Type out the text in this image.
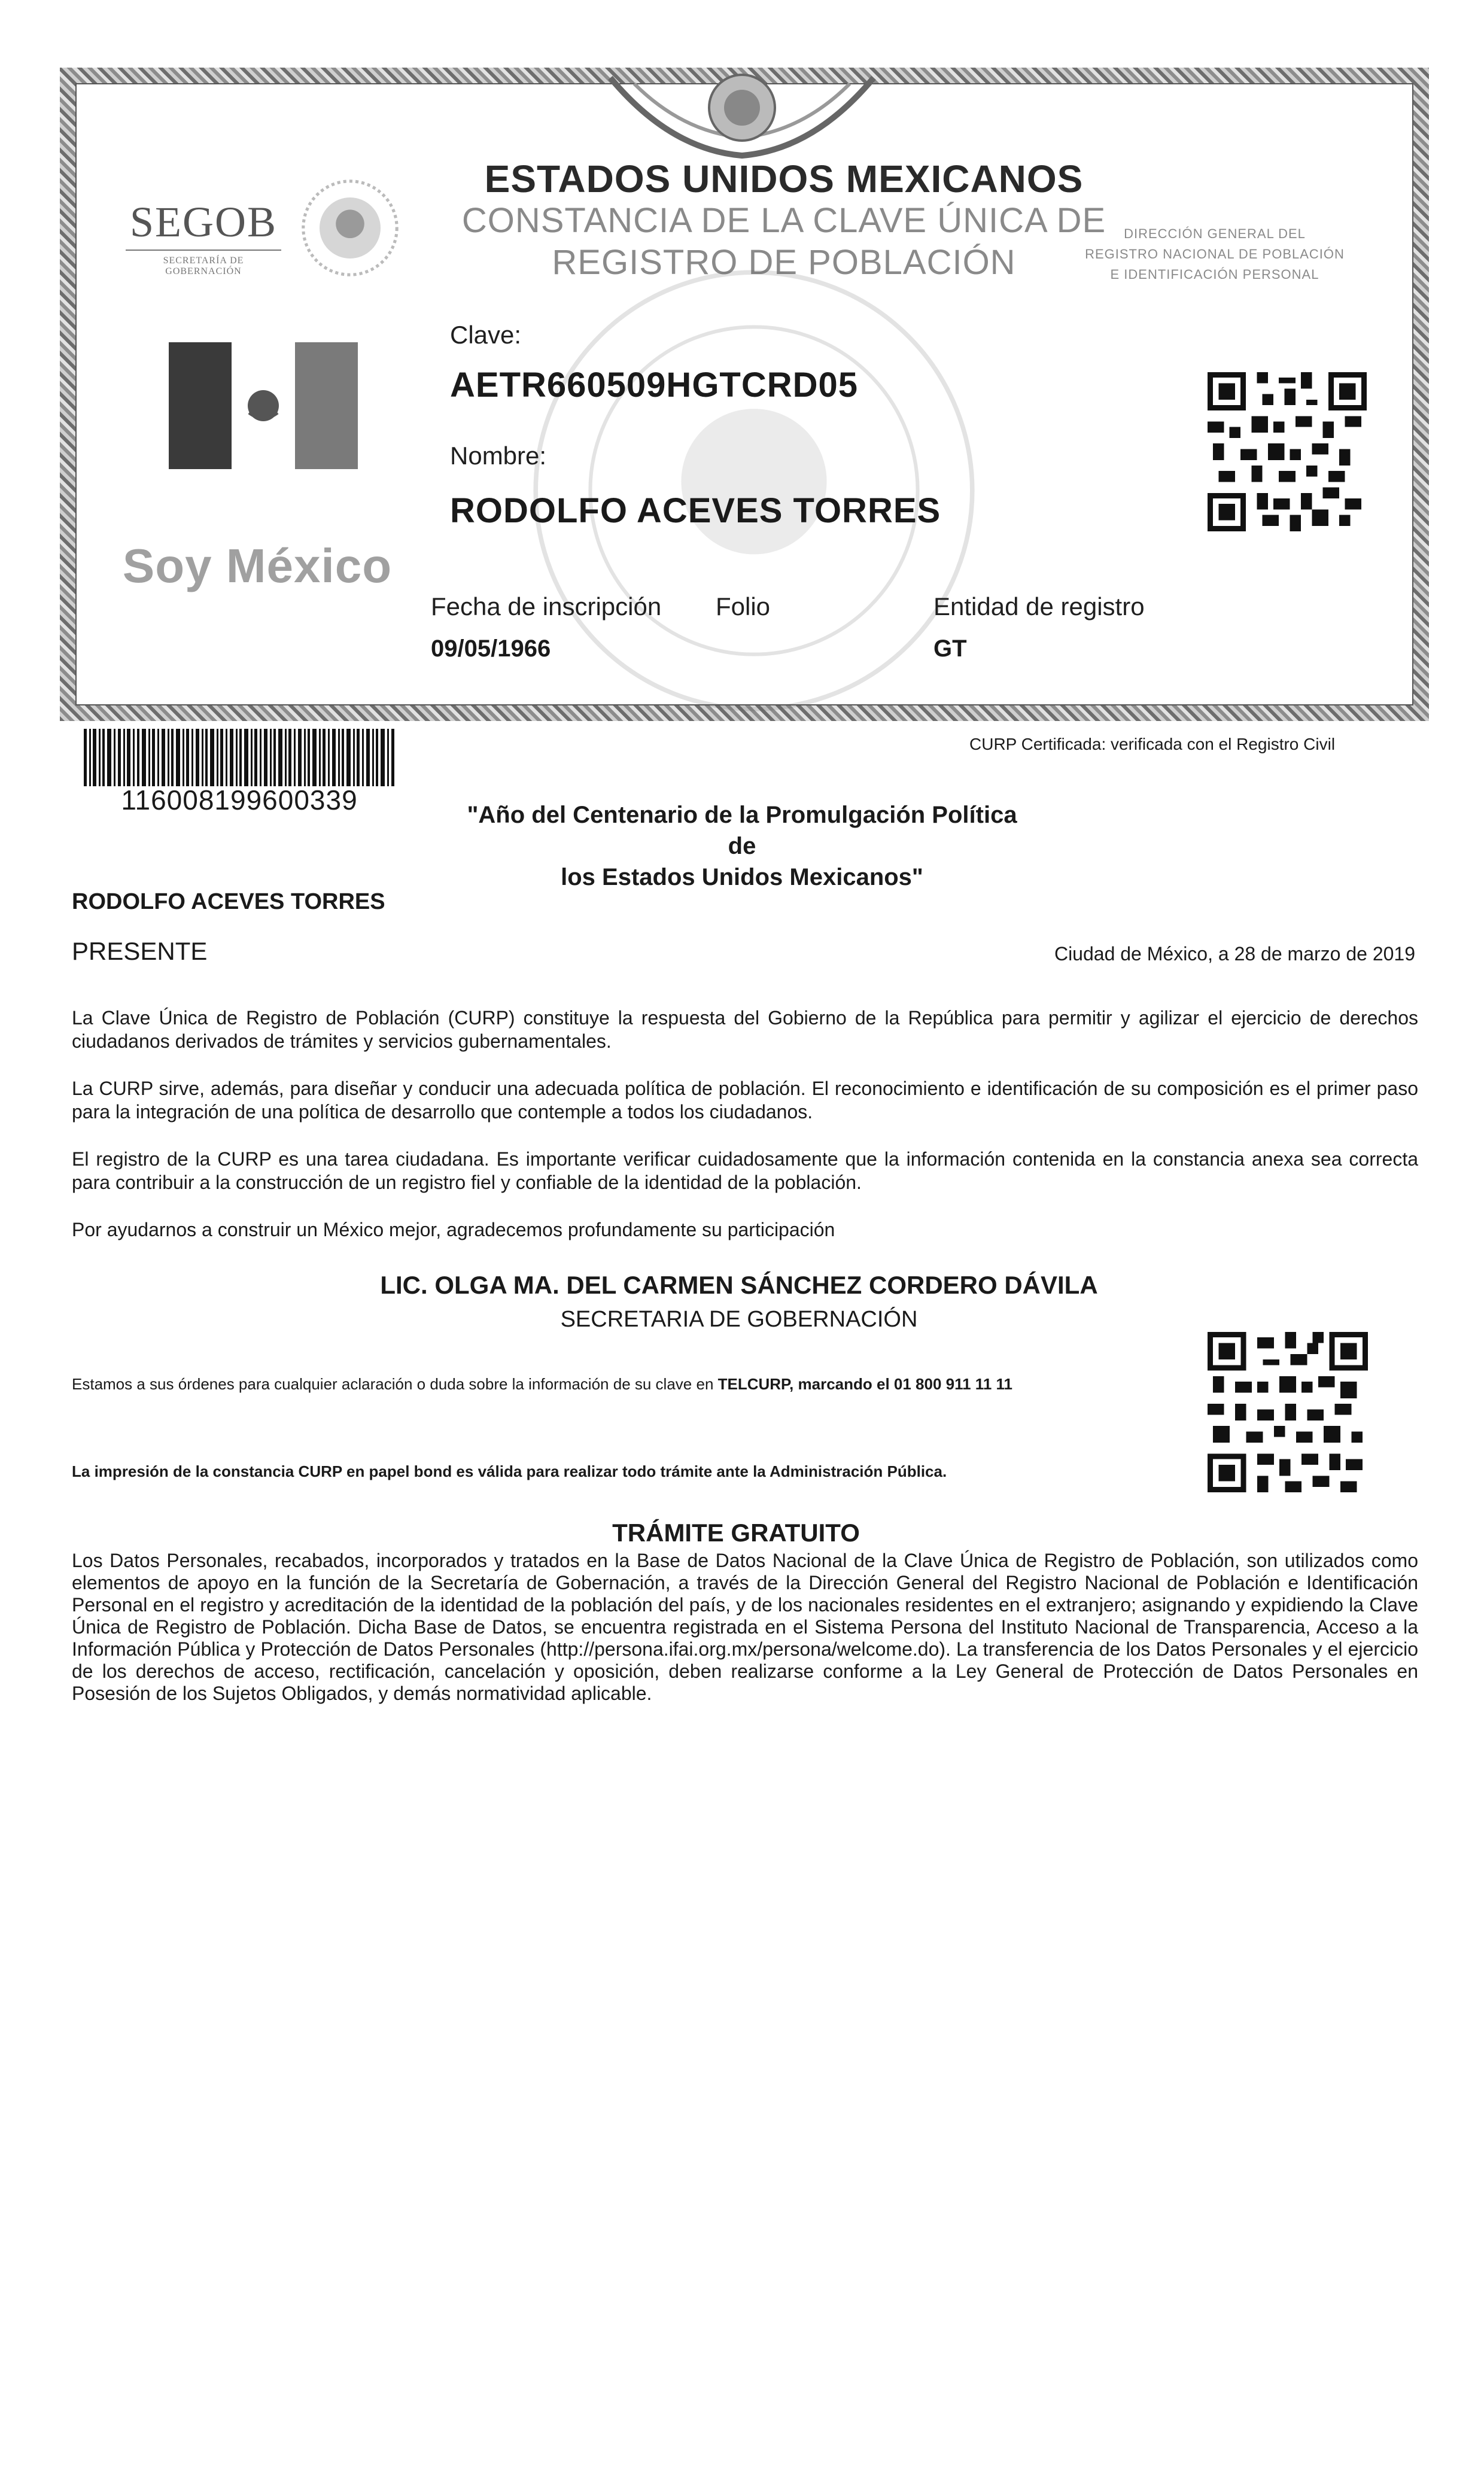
SEGOB
SECRETARÍA DE GOBERNACIÓN
ESTADOS UNIDOS MEXICANOS
CONSTANCIA DE LA CLAVE ÚNICA DE
REGISTRO DE POBLACIÓN
DIRECCIÓN GENERAL DEL
REGISTRO NACIONAL DE POBLACIÓN
E IDENTIFICACIÓN PERSONAL
Soy México
Clave:
AETR660509HGTCRD05
Nombre:
RODOLFO ACEVES TORRES
Fecha de inscripción
09/05/1966
Folio	Entidad de registro
GT
116008199600339
CURP Certificada: verificada con el Registro Civil
"Año del Centenario de la Promulgación Política de
los Estados Unidos Mexicanos"
RODOLFO ACEVES TORRES
PRESENTE	Ciudad de México, a 28 de marzo de 2019
La Clave Única de Registro de Población (CURP) constituye la respuesta del Gobierno de la República para permitir y agilizar el ejercicio de derechos ciudadanos derivados de trámites y servicios gubernamentales.
La CURP sirve, además, para diseñar y conducir una adecuada política de población. El reconocimiento e identificación de su composición es el primer paso para la integración de una política de desarrollo que contemple a todos los ciudadanos.
El registro de la CURP es una tarea ciudadana. Es importante verificar cuidadosamente que la información contenida en la constancia anexa sea correcta para contribuir a la construcción de un registro fiel y confiable de la identidad de la población.
Por ayudarnos a construir un México mejor, agradecemos profundamente su participación
LIC. OLGA MA. DEL CARMEN SÁNCHEZ CORDERO DÁVILA
SECRETARIA DE GOBERNACIÓN
Estamos a sus órdenes para cualquier aclaración o duda sobre la información de su clave en TELCURP, marcando el 01 800 911 11 11
La impresión de la constancia CURP en papel bond es válida para realizar todo trámite ante la Administración Pública.
TRÁMITE GRATUITO
Los Datos Personales, recabados, incorporados y tratados en la Base de Datos Nacional de la Clave Única de Registro de Población, son utilizados como elementos de apoyo en la función de la Secretaría de Gobernación, a través de la Dirección General del Registro Nacional de Población e Identificación Personal en el registro y acreditación de la identidad de la población del país, y de los nacionales residentes en el extranjero; asignando y expidiendo la Clave Única de Registro de Población. Dicha Base de Datos, se encuentra registrada en el Sistema Persona del Instituto Nacional de Transparencia, Acceso a la Información Pública y Protección de Datos Personales (http://persona.ifai.org.mx/persona/welcome.do). La transferencia de los Datos Personales y el ejercicio de los derechos de acceso, rectificación, cancelación y oposición, deben realizarse conforme a la Ley General de Protección de Datos Personales en Posesión de los Sujetos Obligados, y demás normatividad aplicable.
